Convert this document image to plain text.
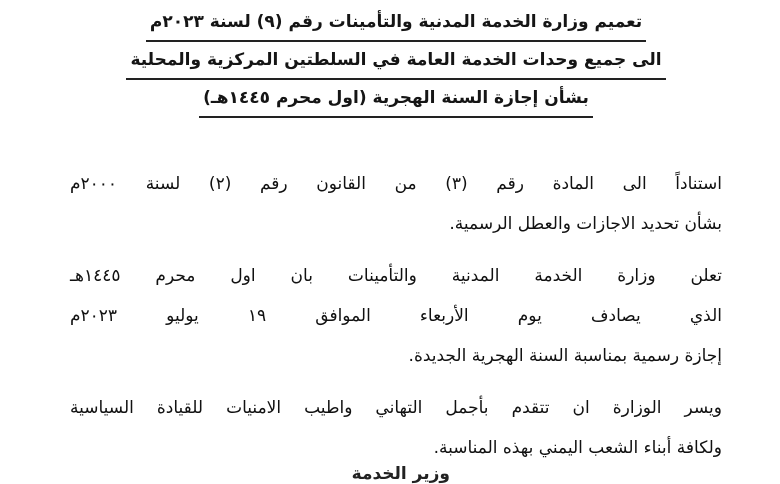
تعميم وزارة الخدمة المدنية والتأمينات رقم (٩) لسنة ٢٠٢٣م
الى جميع وحدات الخدمة العامة في السلطتين المركزية والمحلية
بشأن إجازة السنة الهجرية (اول محرم ١٤٤٥هـ)
استناداً الى المادة رقم (٣) من القانون رقم (٢) لسنة ٢٠٠٠م
بشأن تحديد الاجازات والعطل الرسمية.
تعلن وزارة الخدمة المدنية والتأمينات بان اول محرم ١٤٤٥هـ
الذي يصادف يوم الأربعاء الموافق ١٩ يوليو ٢٠٢٣م
إجازة رسمية بمناسبة السنة الهجرية الجديدة.
ويسر الوزارة ان تتقدم بأجمل التهاني واطيب الامنيات للقيادة السياسية
ولكافة أبناء الشعب اليمني بهذه المناسبة.
وزير الخدمة
